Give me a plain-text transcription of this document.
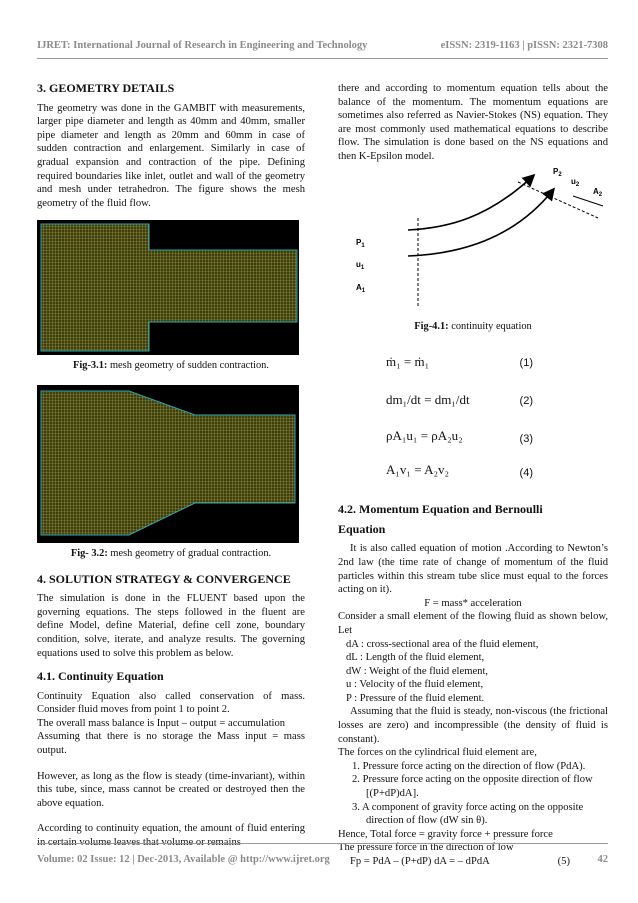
IJRET: International Journal of Research in Engineering and Technology	eISSN: 2319-1163 | pISSN: 2321-7308
3. GEOMETRY DETAILS

The geometry was done in the GAMBIT with measurements, larger pipe diameter and length as 40mm and 40mm, smaller pipe diameter and length as 20mm and 60mm in case of sudden contraction and enlargement. Similarly in case of gradual expansion and contraction of the pipe. Defining required boundaries like inlet, outlet and wall of the geometry and mesh under tetrahedron. The figure shows the mesh geometry of the fluid flow.

Fig-3.1: mesh geometry of sudden contraction.
Fig- 3.2: mesh geometry of gradual contraction.
4. SOLUTION STRATEGY & CONVERGENCE

The simulation is done in the FLUENT based upon the governing equations. The steps followed in the fluent are define Model, define Material, define cell zone, boundary condition, solve, iterate, and analyze results. The governing equations used to solve this problem as below.

4.1. Continuity Equation

Continuity Equation also called conservation of mass. Consider fluid moves from point 1 to point 2.

The overall mass balance is Input – output = accumulation

Assuming that there is no storage the Mass input = mass output.

However, as long as the flow is steady (time-invariant), within this tube, since, mass cannot be created or destroyed then the above equation.

According to continuity equation, the amount of fluid entering in certain volume leaves that volume or remains

there and according to momentum equation tells about the balance of the momentum. The momentum equations are sometimes also referred as Navier-Stokes (NS) equation. They are most commonly used mathematical equations to describe flow. The simulation is done based on the NS equations and then K-Epsilon model.

$P_1$
$u_1$
$A_1$
$P_2$
$u_2$
$A_2$
Fig-4.1: continuity equation
ṁ₁ = ṁ₁	(1)
dm₁/dt = dm₁/dt	(2)
ρA₁u₁ = ρA₂u₂	(3)
A₁v₁ = A₂v₂	(4)
4.2. Momentum Equation and Bernoulli
Equation

It is also called equation of motion .According to Newton’s 2nd law (the time rate of change of momentum of the fluid particles within this stream tube slice must equal to the forces acting on it).

F = mass* acceleration

Consider a small element of the flowing fluid as shown below, Let

dA : cross-sectional area of the fluid element,
dL : Length of the fluid element,
dW : Weight of the fluid element,
u : Velocity of the fluid element,
P : Pressure of the fluid element.

Assuming that the fluid is steady, non-viscous (the frictional losses are zero) and incompressible (the density of fluid is constant).

The forces on the cylindrical fluid element are,

1. Pressure force acting on the direction of flow (PdA).
2. Pressure force acting on the opposite direction of flow [(P+dP)dA].
3. A component of gravity force acting on the opposite direction of flow (dW sin θ).

Hence, Total force = gravity force + pressure force

The pressure force in the direction of low

Fp = PdA – (P+dP) dA = – dPdA	(5)
Volume: 02 Issue: 12 | Dec-2013, Available @ http://www.ijret.org	42
